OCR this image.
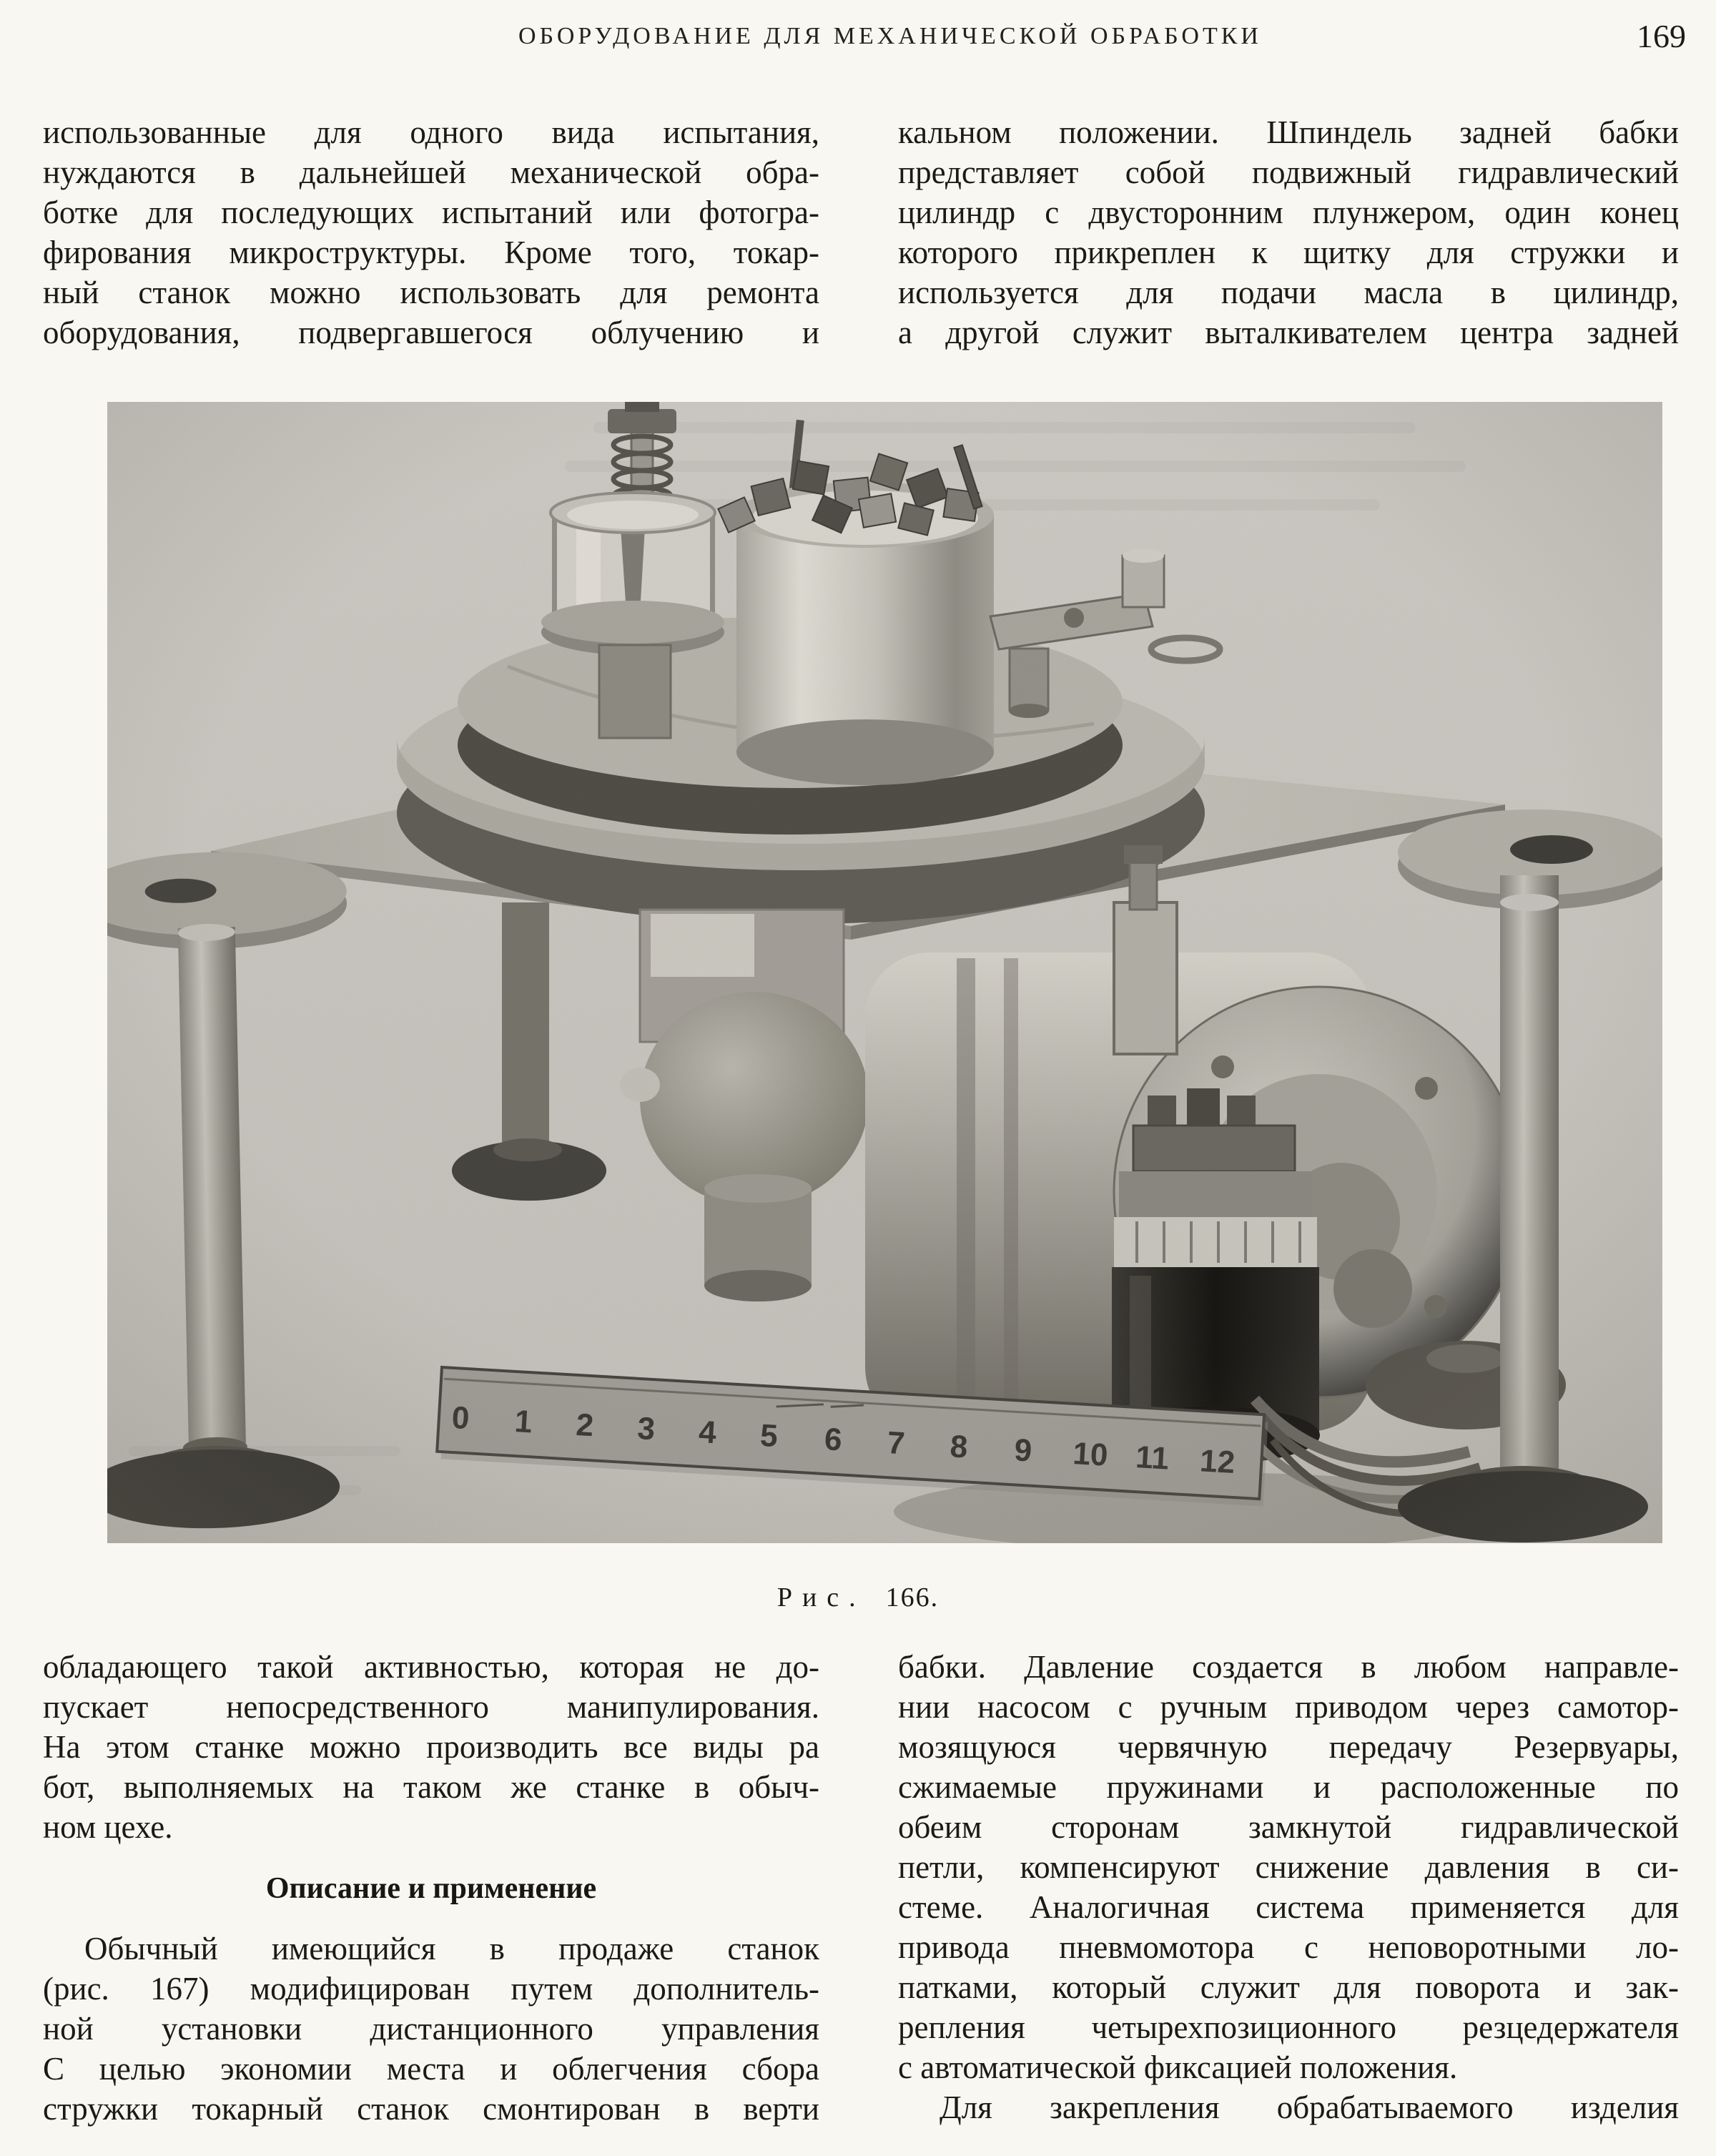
ОБОРУДОВАНИЕ ДЛЯ МЕХАНИЧЕСКОЙ ОБРАБОТКИ	169
использованные для одного вида испытания,
нуждаются в дальнейшей механической обра-
ботке для последующих испытаний или фотогра-
фирования микроструктуры. Кроме того, токар-
ный станок можно использовать для ремонта
оборудования, подвергавшегося облучению и
кальном положении. Шпиндель задней бабки
представляет собой подвижный гидравлический
цилиндр с двусторонним плунжером, один конец
которого прикреплен к щитку для стружки и
используется для подачи масла в цилиндр,
а другой служит выталкивателем центра задней
Рис. 166.
обладающего такой активностью, которая не до-
пускает непосредственного манипулирования.
На этом станке можно производить все виды ра
бот, выполняемых на таком же станке в обыч-
ном цехе.
Описание и применение
Обычный имеющийся в продаже станок
(рис. 167) модифицирован путем дополнитель-
ной установки дистанционного управления
С целью экономии места и облегчения сбора
стружки токарный станок смонтирован в верти
бабки. Давление создается в любом направле-
нии насосом с ручным приводом через самотор-
мозящуюся червячную передачу Резервуары,
сжимаемые пружинами и расположенные по
обеим сторонам замкнутой гидравлической
петли, компенсируют снижение давления в си-
стеме. Аналогичная система применяется для
привода пневмомотора с неповоротными ло-
патками, который служит для поворота и зак-
репления четырехпозиционного резцедержателя
с автоматической фиксацией положения.
Для закрепления обрабатываемого изделия
